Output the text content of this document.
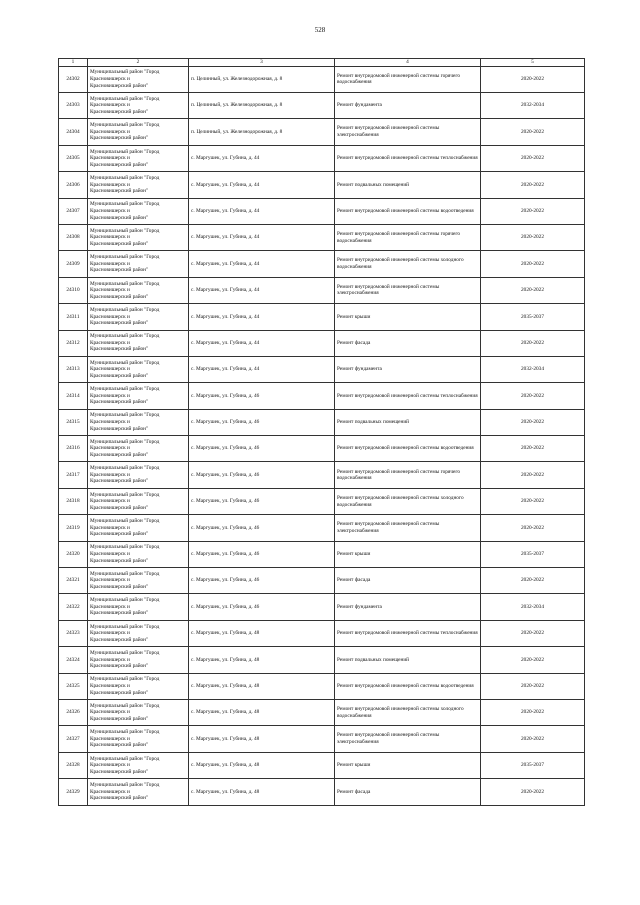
528
1	2	3	4	5
24302	Муниципальный район "Город
Красновишерск и
Красновишерский район"	п. Целинный, ул. Железнодорожная, д. 8	Ремонт внутридомовой инженерной системы горячего водоснабжения	2020-2022
24303	Муниципальный район "Город
Красновишерск и
Красновишерский район"	п. Целинный, ул. Железнодорожная, д. 8	Ремонт фундамента	2032-2034
24304	Муниципальный район "Город
Красновишерск и
Красновишерский район"	п. Целинный, ул. Железнодорожная, д. 8	Ремонт внутридомовой инженерной системы электроснабжения	2020-2022
24305	Муниципальный район "Город
Красновишерск и
Красновишерский район"	с. Маргушек, ул. Губина, д. 44	Ремонт внутридомовой инженерной системы теплоснабжения	2020-2022
24306	Муниципальный район "Город
Красновишерск и
Красновишерский район"	с. Маргушек, ул. Губина, д. 44	Ремонт подвальных помещений	2020-2022
24307	Муниципальный район "Город
Красновишерск и
Красновишерский район"	с. Маргушек, ул. Губина, д. 44	Ремонт внутридомовой инженерной системы водоотведения	2020-2022
24308	Муниципальный район "Город
Красновишерск и
Красновишерский район"	с. Маргушек, ул. Губина, д. 44	Ремонт внутридомовой инженерной системы горячего водоснабжения	2020-2022
24309	Муниципальный район "Город
Красновишерск и
Красновишерский район"	с. Маргушек, ул. Губина, д. 44	Ремонт внутридомовой инженерной системы холодного водоснабжения	2020-2022
24310	Муниципальный район "Город
Красновишерск и
Красновишерский район"	с. Маргушек, ул. Губина, д. 44	Ремонт внутридомовой инженерной системы электроснабжения	2020-2022
24311	Муниципальный район "Город
Красновишерск и
Красновишерский район"	с. Маргушек, ул. Губина, д. 44	Ремонт крыши	2035-2037
24312	Муниципальный район "Город
Красновишерск и
Красновишерский район"	с. Маргушек, ул. Губина, д. 44	Ремонт фасада	2020-2022
24313	Муниципальный район "Город
Красновишерск и
Красновишерский район"	с. Маргушек, ул. Губина, д. 44	Ремонт фундамента	2032-2034
24314	Муниципальный район "Город
Красновишерск и
Красновишерский район"	с. Маргушек, ул. Губина, д. 46	Ремонт внутридомовой инженерной системы теплоснабжения	2020-2022
24315	Муниципальный район "Город
Красновишерск и
Красновишерский район"	с. Маргушек, ул. Губина, д. 46	Ремонт подвальных помещений	2020-2022
24316	Муниципальный район "Город
Красновишерск и
Красновишерский район"	с. Маргушек, ул. Губина, д. 46	Ремонт внутридомовой инженерной системы водоотведения	2020-2022
24317	Муниципальный район "Город
Красновишерск и
Красновишерский район"	с. Маргушек, ул. Губина, д. 46	Ремонт внутридомовой инженерной системы горячего водоснабжения	2020-2022
24318	Муниципальный район "Город
Красновишерск и
Красновишерский район"	с. Маргушек, ул. Губина, д. 46	Ремонт внутридомовой инженерной системы холодного водоснабжения	2020-2022
24319	Муниципальный район "Город
Красновишерск и
Красновишерский район"	с. Маргушек, ул. Губина, д. 46	Ремонт внутридомовой инженерной системы электроснабжения	2020-2022
24320	Муниципальный район "Город
Красновишерск и
Красновишерский район"	с. Маргушек, ул. Губина, д. 46	Ремонт крыши	2035-2037
24321	Муниципальный район "Город
Красновишерск и
Красновишерский район"	с. Маргушек, ул. Губина, д. 46	Ремонт фасада	2020-2022
24322	Муниципальный район "Город
Красновишерск и
Красновишерский район"	с. Маргушек, ул. Губина, д. 46	Ремонт фундамента	2032-2034
24323	Муниципальный район "Город
Красновишерск и
Красновишерский район"	с. Маргушек, ул. Губина, д. 48	Ремонт внутридомовой инженерной системы теплоснабжения	2020-2022
24324	Муниципальный район "Город
Красновишерск и
Красновишерский район"	с. Маргушек, ул. Губина, д. 48	Ремонт подвальных помещений	2020-2022
24325	Муниципальный район "Город
Красновишерск и
Красновишерский район"	с. Маргушек, ул. Губина, д. 48	Ремонт внутридомовой инженерной системы водоотведения	2020-2022
24326	Муниципальный район "Город
Красновишерск и
Красновишерский район"	с. Маргушек, ул. Губина, д. 48	Ремонт внутридомовой инженерной системы холодного водоснабжения	2020-2022
24327	Муниципальный район "Город
Красновишерск и
Красновишерский район"	с. Маргушек, ул. Губина, д. 48	Ремонт внутридомовой инженерной системы электроснабжения	2020-2022
24328	Муниципальный район "Город
Красновишерск и
Красновишерский район"	с. Маргушек, ул. Губина, д. 48	Ремонт крыши	2035-2037
24329	Муниципальный район "Город
Красновишерск и
Красновишерский район"	с. Маргушек, ул. Губина, д. 48	Ремонт фасада	2020-2022
